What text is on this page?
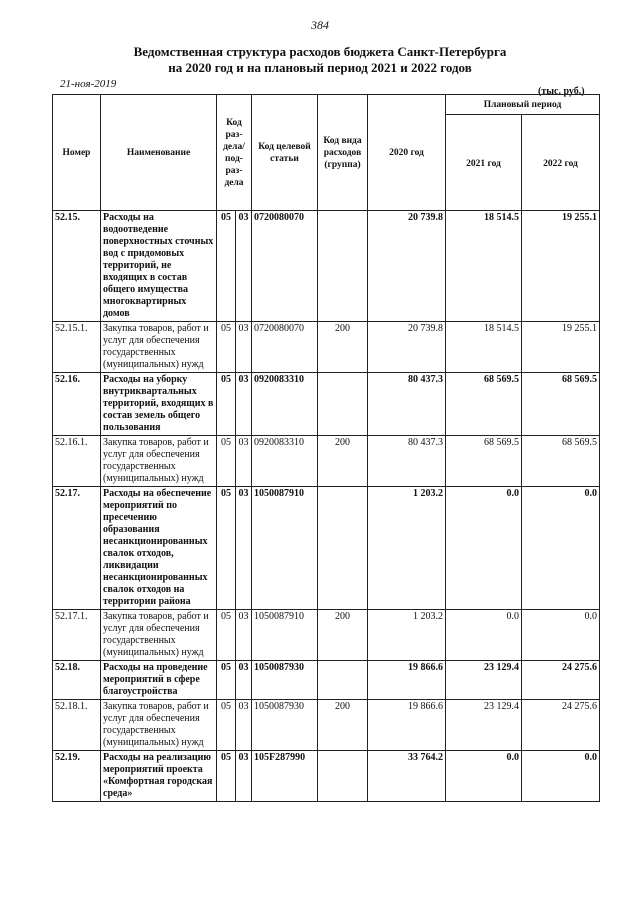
384
Ведомственная структура расходов бюджета Санкт-Петербурга
на 2020 год и на плановый период 2021 и 2022 годов
21-ноя-2019
(тыс. руб.)
Номер	Наименование	Код раз- дела/ под- раз- дела		Код целевой статьи	Код вида расходов (группа)	2020 год	Плановый период	
							2021 год	2022 год
52.15.	Расходы на водоотведение поверхностных сточных вод с придомовых территорий, не входящих в состав общего имущества многоквартирных домов	05	03	0720080070		20 739.8	18 514.5	19 255.1
52.15.1.	Закупка товаров, работ и услуг для обеспечения государственных (муниципальных) нужд	05	03	0720080070	200	20 739.8	18 514.5	19 255.1
52.16.	Расходы на уборку внутриквартальных территорий, входящих в состав земель общего пользования	05	03	0920083310		80 437.3	68 569.5	68 569.5
52.16.1.	Закупка товаров, работ и услуг для обеспечения государственных (муниципальных) нужд	05	03	0920083310	200	80 437.3	68 569.5	68 569.5
52.17.	Расходы на обеспечение мероприятий по пресечению образования несанкционированных свалок отходов, ликвидации несанкционированных свалок отходов на территории района	05	03	1050087910		1 203.2	0.0	0.0
52.17.1.	Закупка товаров, работ и услуг для обеспечения государственных (муниципальных) нужд	05	03	1050087910	200	1 203.2	0.0	0.0
52.18.	Расходы на проведение мероприятий в сфере благоустройства	05	03	1050087930		19 866.6	23 129.4	24 275.6
52.18.1.	Закупка товаров, работ и услуг для обеспечения государственных (муниципальных) нужд	05	03	1050087930	200	19 866.6	23 129.4	24 275.6
52.19.	Расходы на реализацию мероприятий проекта «Комфортная городская среда»	05	03	105F287990		33 764.2	0.0	0.0
